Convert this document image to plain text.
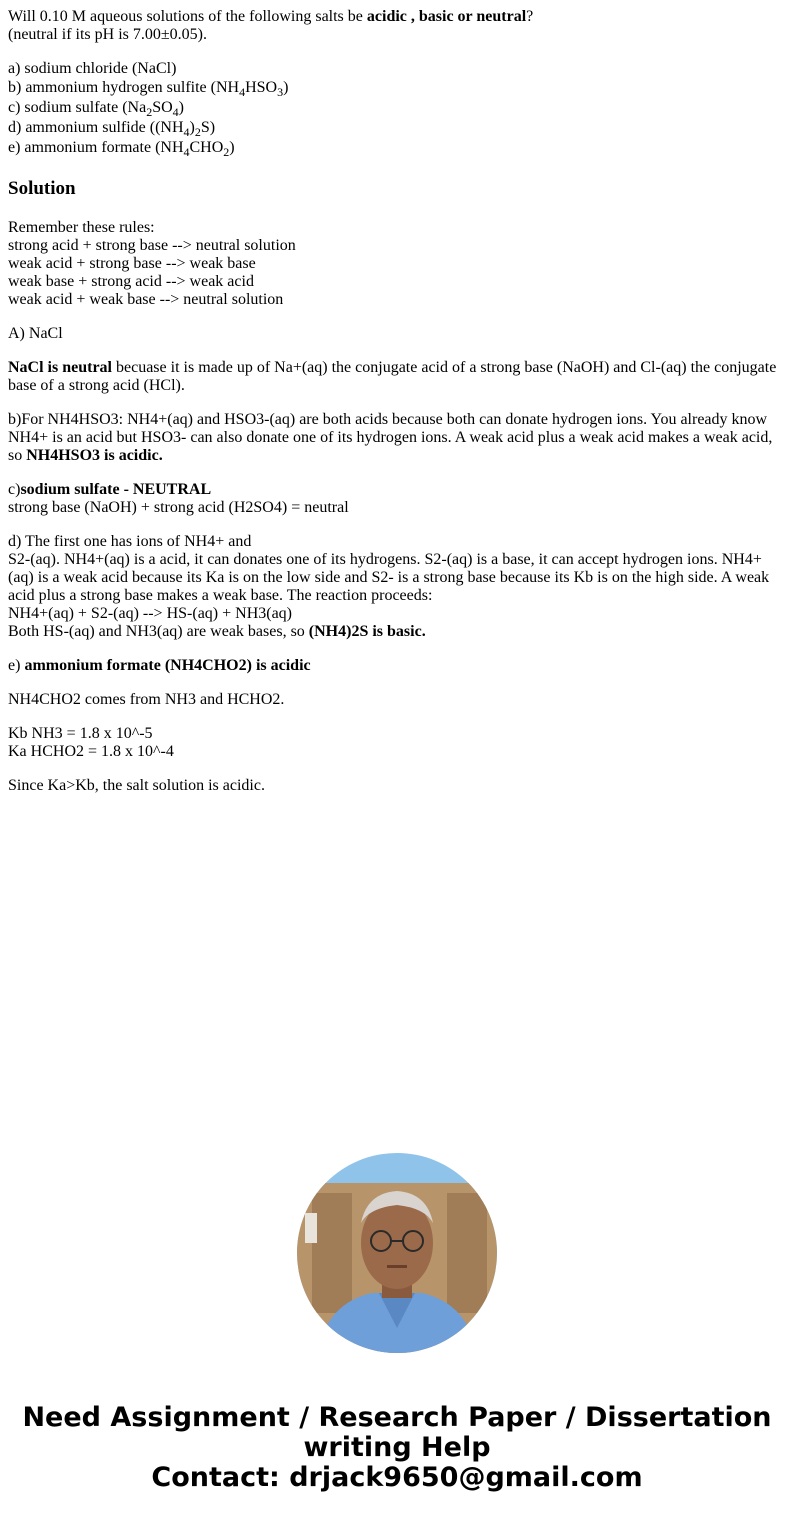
Will 0.10 M aqueous solutions of the following salts be acidic , basic or neutral?

(neutral if its pH is 7.00±0.05).

a) sodium chloride (NaCl)
b) ammonium hydrogen sulfite $(NH_4HSO_3)$
c) sodium sulfate $(Na_2SO_4)$
d) ammonium sulfide $((NH_4)_2S)$
e) ammonium formate $(NH_4CHO_2)$
Solution

Remember these rules:
strong acid + strong base --> neutral solution
weak acid + strong base --> weak base
weak base + strong acid --> weak acid
weak acid + weak base --> neutral solution

A) NaCl

NaCl is neutral becuase it is made up of Na+(aq) the conjugate acid of a strong base (NaOH) and Cl-(aq) the conjugate base of a strong acid (HCl).

b)For NH4HSO3: NH4+(aq) and HSO3-(aq) are both acids because both can donate hydrogen ions. You already know NH4+ is an acid but HSO3- can also donate one of its hydrogen ions. A weak acid plus a weak acid makes a weak acid, so NH4HSO3 is acidic.

c)sodium sulfate - NEUTRAL
strong base (NaOH) + strong acid (H2SO4) = neutral

d) The first one has ions of NH4+ and
S2-(aq). NH4+(aq) is a acid, it can donates one of its hydrogens. S2-(aq) is a base, it can accept hydrogen ions. NH4+(aq) is a weak acid because its Ka is on the low side and S2- is a strong base because its Kb is on the high side. A weak acid plus a strong base makes a weak base. The reaction proceeds:
NH4+(aq) + S2-(aq) --> HS-(aq) + NH3(aq)
Both HS-(aq) and NH3(aq) are weak bases, so (NH4)2S is basic.

e) ammonium formate (NH4CHO2) is acidic

NH4CHO2 comes from NH3 and HCHO2.

Kb NH3 = 1.8 x 10^-5
Ka HCHO2 = 1.8 x 10^-4

Since Ka>Kb, the salt solution is acidic.

Need Assignment / Research Paper / Dissertation writing Help
Contact: drjack9650@gmail.com
